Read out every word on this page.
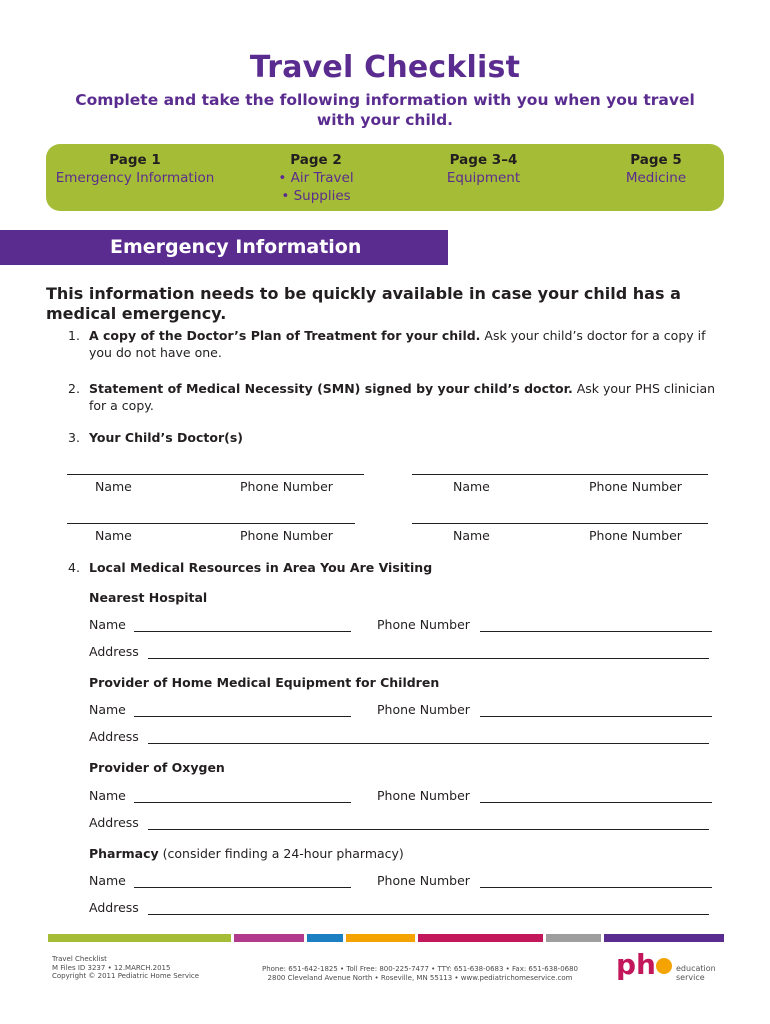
Travel Checklist
Complete and take the following information with you when you travel with your child.
Page 1
Emergency Information
Page 2
• Air Travel
• Supplies
Page 3–4
Equipment
Page 5
Medicine
Emergency Information
This information needs to be quickly available in case your child has a medical emergency.
1. A copy of the Doctor’s Plan of Treatment for your child. Ask your child’s doctor for a copy if you do not have one.
2. Statement of Medical Necessity (SMN) signed by your child’s doctor. Ask your PHS clinician for a copy.
3. Your Child’s Doctor(s)
Name	Phone Number	Name	Phone Number
Name	Phone Number	Name	Phone Number
4. Local Medical Resources in Area You Are Visiting
Nearest Hospital
Name	Phone Number
Address
Provider of Home Medical Equipment for Children
Name	Phone Number
Address
Provider of Oxygen
Name	Phone Number
Address
Pharmacy (consider finding a 24-hour pharmacy)
Name	Phone Number
Address
Travel Checklist
M Files ID 3237 • 12.MARCH.2015
Copyright © 2011 Pediatric Home Service
Phone: 651-642-1825 • Toll Free: 800-225-7477 • TTY: 651-638-0683 • Fax: 651-638-0680
2800 Cleveland Avenue North • Roseville, MN 55113 • www.pediatrichomeservice.com	ph	education
service
